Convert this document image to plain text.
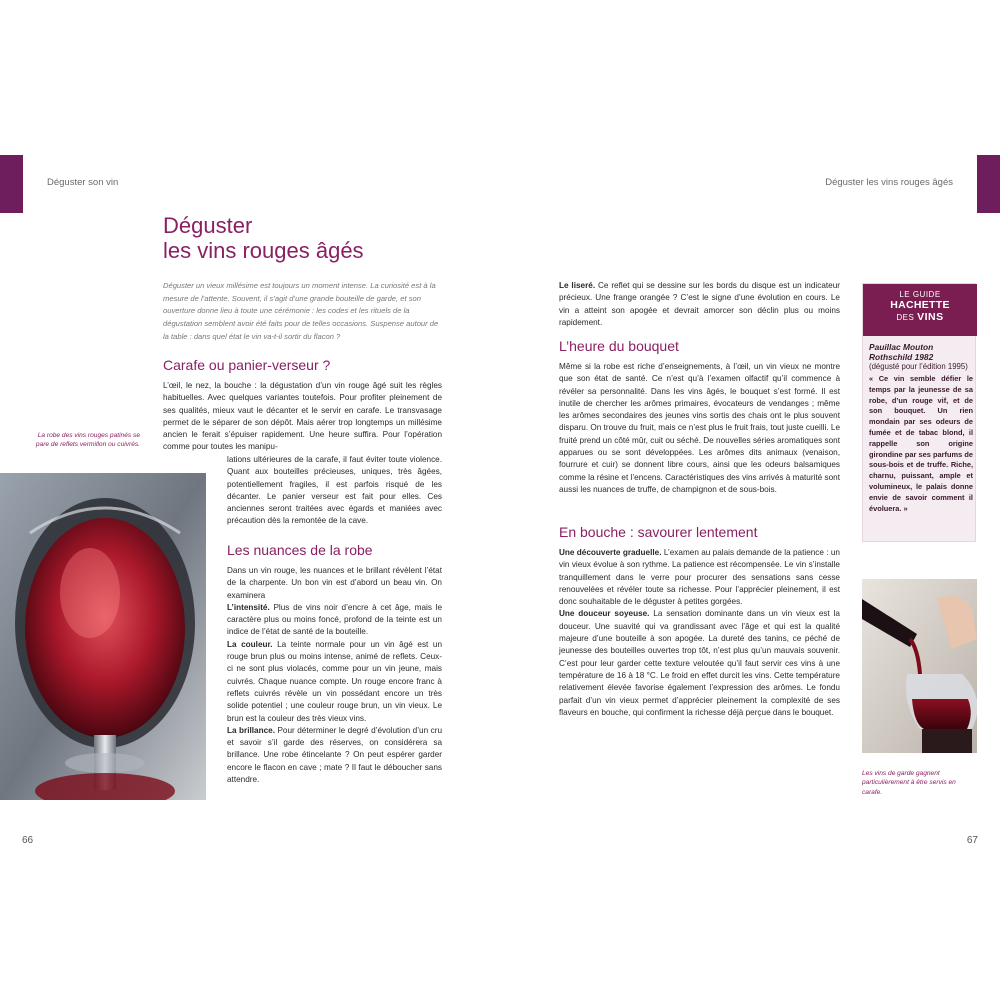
Déguster son vin
Déguster
les vins rouges âgés
Déguster un vieux millésime est toujours un moment intense. La curiosité est à la mesure de l’attente. Souvent, il s’agit d’une grande bouteille de garde, et son ouverture donne lieu à toute une cérémonie : les codes et les rituels de la dégustation semblent avoir été faits pour de telles occasions. Suspense autour de la table : dans quel état le vin va-t-il sortir du flacon ?
Carafe ou panier-verseur ?
L’œil, le nez, la bouche : la dégustation d’un vin rouge âgé suit les règles habituelles. Avec quelques variantes toutefois. Pour profiter pleinement de ses qualités, mieux vaut le décanter et le servir en carafe. Le transvasage permet de le séparer de son dépôt. Mais aérer trop longtemps un millésime ancien le ferait s’épuiser rapidement. Une heure suffira. Pour l’opération comme pour toutes les manipu-
lations ultérieures de la carafe, il faut éviter toute violence. Quant aux bouteilles précieuses, uniques, très âgées, potentiellement fragiles, il est parfois risqué de les décanter. Le panier verseur est fait pour elles. Ces anciennes seront traitées avec égards et maniées avec précaution dès la remontée de la cave.
La robe des vins rouges patinés se pare de reflets vermillon ou cuivrés.
Les nuances de la robe
Dans un vin rouge, les nuances et le brillant révèlent l’état de la charpente. Un bon vin est d’abord un beau vin. On examinera
L’intensité. Plus de vins noir d’encre à cet âge, mais le caractère plus ou moins foncé, profond de la teinte est un indice de l’état de santé de la bouteille.
La couleur. La teinte normale pour un vin âgé est un rouge brun plus ou moins intense, animé de reflets. Ceux-ci ne sont plus violacés, comme pour un vin jeune, mais cuivrés. Chaque nuance compte. Un rouge encore franc à reflets cuivrés révèle un vin possédant encore un très solide potentiel ; une couleur rouge brun, un vin vieux. Le brun est la couleur des très vieux vins.
La brillance. Pour déterminer le degré d’évolution d’un cru et savoir s’il garde des réserves, on considérera sa brillance. Une robe étincelante ? On peut espérer garder encore le flacon en cave ; mate ? Il faut le déboucher sans attendre.
66
Déguster les vins rouges âgés
Le liseré. Ce reflet qui se dessine sur les bords du disque est un indicateur précieux. Une frange orangée ? C’est le signe d’une évolution en cours. Le vin a atteint son apogée et devrait amorcer son déclin plus ou moins rapidement.
L’heure du bouquet
Même si la robe est riche d’enseignements, à l’œil, un vin vieux ne montre que son état de santé. Ce n’est qu’à l’examen olfactif qu’il commence à révéler sa personnalité. Dans les vins âgés, le bouquet s’est formé. Il est inutile de chercher les arômes primaires, évocateurs de vendanges ; même les arômes secondaires des jeunes vins sortis des chais ont le plus souvent disparu. On trouve du fruit, mais ce n’est plus le fruit frais, tout juste cueilli. Le fruité prend un côté mûr, cuit ou séché. De nouvelles séries aromatiques sont apparues ou se sont développées. Les arômes dits animaux (venaison, fourrure et cuir) se donnent libre cours, ainsi que les odeurs balsamiques comme la résine et l’encens. Caractéristiques des vins arrivés à maturité sont aussi les nuances de truffe, de champignon et de sous-bois.
En bouche : savourer lentement
Une découverte graduelle. L’examen au palais demande de la patience : un vin vieux évolue à son rythme. La patience est récompensée. Le vin s’installe tranquillement dans le verre pour procurer des sensations sans cesse renouvelées et révéler toute sa richesse. Pour l’apprécier pleinement, il est donc souhaitable de le déguster à petites gorgées.
Une douceur soyeuse. La sensation dominante dans un vin vieux est la douceur. Une suavité qui va grandissant avec l’âge et qui est la qualité majeure d’une bouteille à son apogée. La dureté des tanins, ce péché de jeunesse des bouteilles ouvertes trop tôt, n’est plus qu’un mauvais souvenir. C’est pour leur garder cette texture veloutée qu’il faut servir ces vins à une température de 16 à 18 °C. Le froid en effet durcit les vins. Cette température relativement élevée favorise également l’expression des arômes. Le fondu parfait d’un vin vieux permet d’apprécier pleinement la complexité de ses flaveurs en bouche, qui confirment la richesse déjà perçue dans le bouquet.
LE GUIDE
HACHETTE
DES VINS
Pauillac Mouton Rothschild 1982
(dégusté pour l’édition 1995)
« Ce vin semble défier le temps par la jeunesse de sa robe, d’un rouge vif, et de son bouquet. Un rien mondain par ses odeurs de fumée et de tabac blond, il rappelle son origine girondine par ses parfums de sous-bois et de truffe. Riche, charnu, puissant, ample et volumineux, le palais donne envie de savoir comment il évoluera. »
Les vins de garde gagnent particulièrement à être servis en carafe.
67
